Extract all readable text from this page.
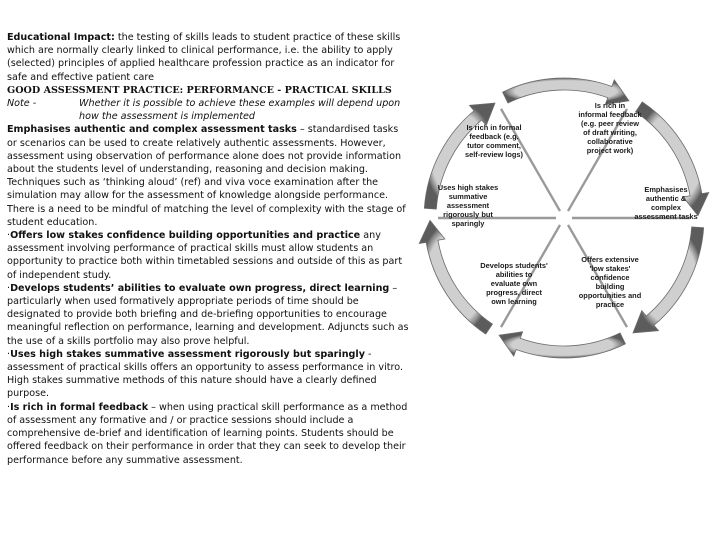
Educational Impact: the testing of skills leads to student practice of these skills which are normally clearly linked to clinical performance, i.e. the ability to apply (selected) principles of applied healthcare profession practice as an indicator for safe and effective patient care

GOOD ASSESSMENT PRACTICE: PERFORMANCE - PRACTICAL SKILLS

Note -	Whether it is possible to achieve these examples will depend upon how the assessment is implemented

Emphasises authentic and complex assessment tasks – standardised tasks or scenarios can be used to create relatively authentic assessments. However, assessment using observation of performance alone does not provide information about the students level of understanding, reasoning and decision making. Techniques such as ‘thinking aloud’ (ref) and viva voce examination after the simulation may allow for the assessment of knowledge alongside performance. There is a need to be mindful of matching the level of complexity with the stage of student education.

·Offers low stakes confidence building opportunities and practice any assessment involving performance of practical skills must allow students an opportunity to practice both within timetabled sessions and outside of this as part of independent study.

·Develops students’ abilities to evaluate own progress, direct learning – particularly when used formatively appropriate periods of time should be designated to provide both briefing and de-briefing opportunities to encourage meaningful reflection on performance, learning and development. Adjuncts such as the use of a skills portfolio may also prove helpful.

·Uses high stakes summative assessment rigorously but sparingly -assessment of practical skills offers an opportunity to assess performance in vitro. High stakes summative methods of this nature should have a clearly defined purpose.

·Is rich in formal feedback – when using practical skill performance as a method of assessment any formative and / or practice sessions should include a comprehensive de-brief and identification of learning points. Students should be offered feedback on their performance in order that they can seek to develop their performance before any summative assessment.

Is rich in formal feedback (e.g. tutor comment, self-review logs)
Is rich in informal feedback (e.g. peer review of draft writing, collaborative project work)
Emphasises authentic & complex assessment tasks
Offers extensive 'low stakes' confidence building opportunities and practice
Develops students' abilities to evaluate own progress, direct own learning
Uses high stakes summative assessment rigorously but sparingly
